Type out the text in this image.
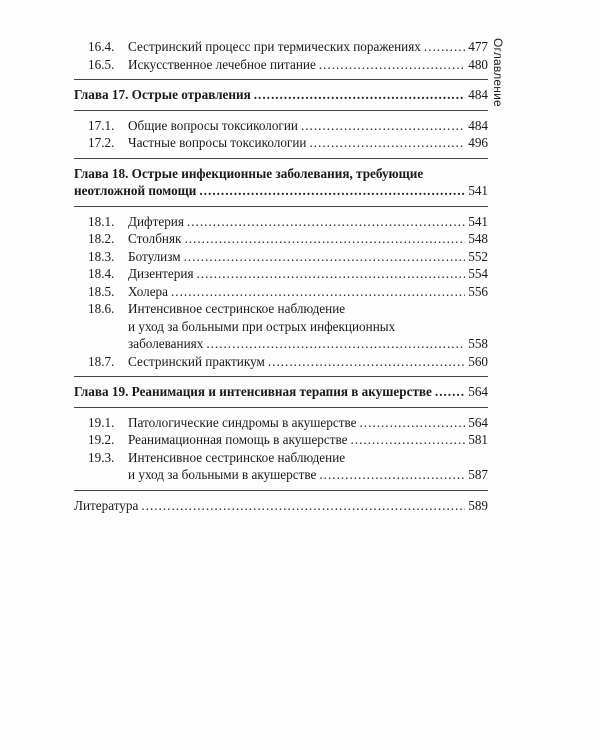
Оглавление
16.4.	Сестринский процесс при термических поражениях .....	477
16.5.	Искусственное лечебное питание .....	480
Глава 17. Острые отравления .....	484
17.1.	Общие вопросы токсикологии .....	484
17.2.	Частные вопросы токсикологии .....	496
Глава 18. Острые инфекционные заболевания, требующие
неотложной помощи .....	541
18.1.	Дифтерия .....	541
18.2.	Столбняк .....	548
18.3.	Ботулизм .....	552
18.4.	Дизентерия .....	554
18.5.	Холера .....	556
18.6.	Интенсивное сестринское наблюдение
и уход за больными при острых инфекционных
заболеваниях .....	558
18.7.	Сестринский практикум .....	560
Глава 19. Реанимация и интенсивная терапия в акушерстве .....	564
19.1.	Патологические синдромы в акушерстве .....	564
19.2.	Реанимационная помощь в акушерстве .....	581
19.3.	Интенсивное сестринское наблюдение
и уход за больными в акушерстве .....	587
Литература .....	589
